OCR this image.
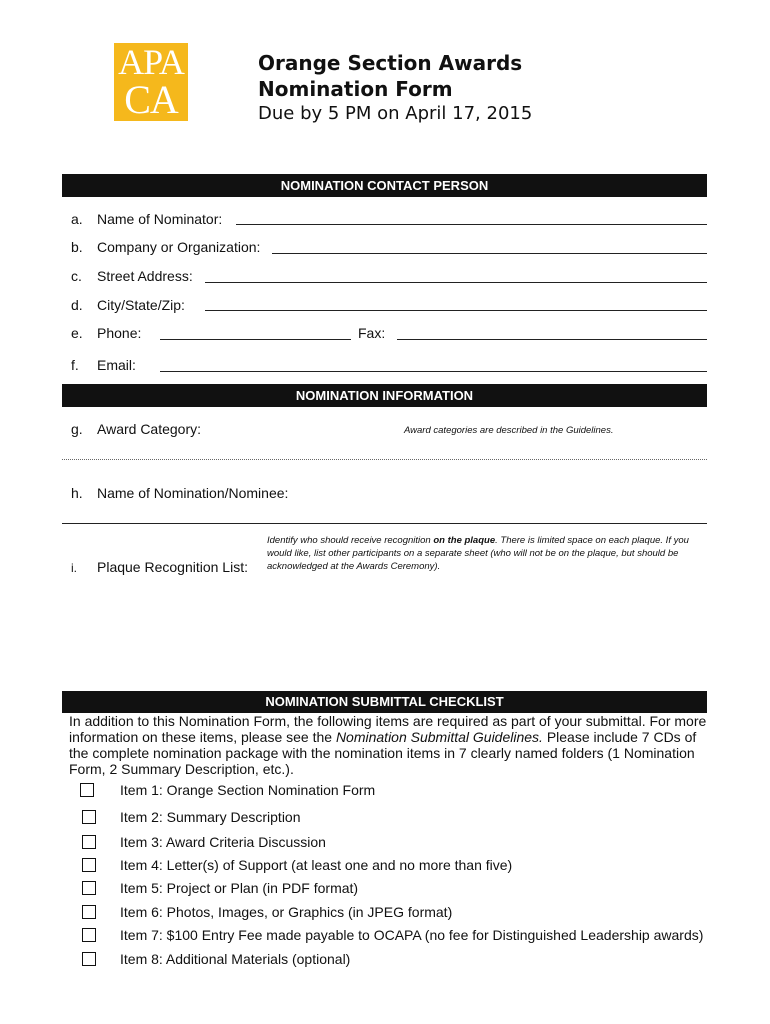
APA
CA
Orange Section Awards
Nomination Form
Due by 5 PM on April 17, 2015
NOMINATION CONTACT PERSON
a. Name of Nominator:
b. Company or Organization:
c. Street Address:
d. City/State/Zip:
e. Phone:	Fax:
f. Email:
NOMINATION INFORMATION
g. Award Category:	Award categories are described in the Guidelines.
h. Name of Nomination/Nominee:
i. Plaque Recognition List:
Identify who should receive recognition on the plaque. There is limited space on each plaque. If you would like, list other participants on a separate sheet (who will not be on the plaque, but should be acknowledged at the Awards Ceremony).
NOMINATION SUBMITTAL CHECKLIST
In addition to this Nomination Form, the following items are required as part of your submittal. For more information on these items, please see the Nomination Submittal Guidelines. Please include 7 CDs of the complete nomination package with the nomination items in 7 clearly named folders (1 Nomination Form, 2 Summary Description, etc.).
Item 1: Orange Section Nomination Form
Item 2: Summary Description
Item 3: Award Criteria Discussion
Item 4: Letter(s) of Support (at least one and no more than five)
Item 5: Project or Plan (in PDF format)
Item 6: Photos, Images, or Graphics (in JPEG format)
Item 7: $100 Entry Fee made payable to OCAPA (no fee for Distinguished Leadership awards)
Item 8: Additional Materials (optional)
